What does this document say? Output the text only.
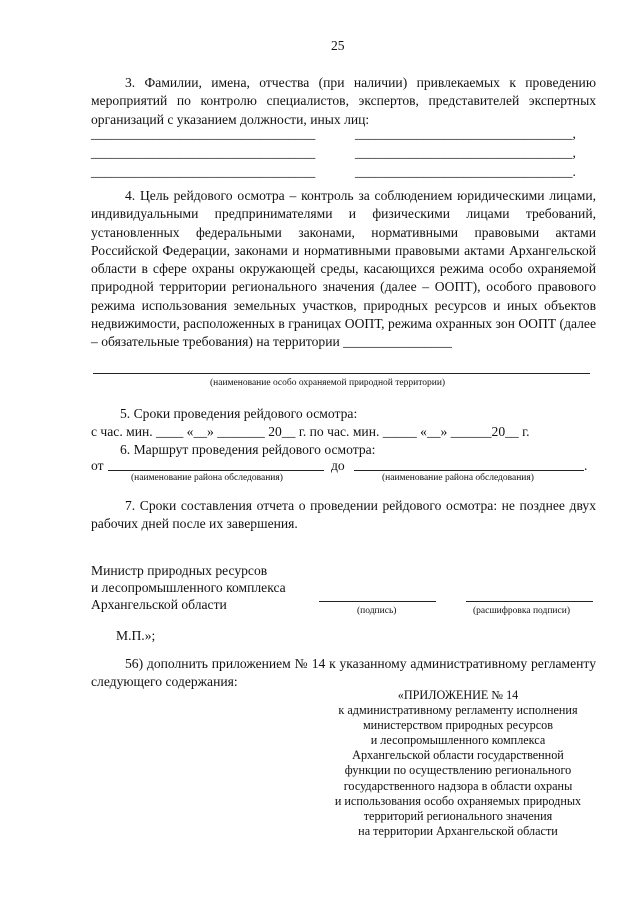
25
3. Фамилии, имена, отчества (при наличии) привлекаемых к проведению мероприятий по контролю специалистов, экспертов, представителей экспертных организаций с указанием должности, иных лиц:
_________________________________	________________________________,
_________________________________	________________________________,
_________________________________	________________________________.
4. Цель рейдового осмотра – контроль за соблюдением юридическими лицами, индивидуальными предпринимателями и физическими лицами требований, установленных федеральными законами, нормативными правовыми актами Российской Федерации, законами и нормативными правовыми актами Архангельской области в сфере охраны окружающей среды, касающихся режима особо охраняемой природной территории регионального значения (далее – ООПТ), особого правового режима использования земельных участков, природных ресурсов и иных объектов недвижимости, расположенных в границах ООПТ, режима охранных зон ООПТ (далее – обязательные требования) на территории ________________
(наименование особо охраняемой природной территории)
5. Сроки проведения рейдового осмотра:
с час. мин. ____ «__» _______ 20__ г. по час. мин. _____ «__» ______20__ г.
6. Маршрут проведения рейдового осмотра:
от	до	.
(наименование района обследования)	(наименование района обследования)
7. Сроки составления отчета о проведении рейдового осмотра: не позднее двух рабочих дней после их завершения.
Министр природных ресурсов
и лесопромышленного комплекса
Архангельской области	(подпись)	(расшифровка подписи)
М.П.»;
56) дополнить приложением № 14 к указанному административному регламенту следующего содержания:
«ПРИЛОЖЕНИЕ № 14
к административному регламенту исполнения
министерством природных ресурсов
и лесопромышленного комплекса
Архангельской области государственной
функции по осуществлению регионального
государственного надзора в области охраны
и использования особо охраняемых природных
территорий регионального значения
на территории Архангельской области
